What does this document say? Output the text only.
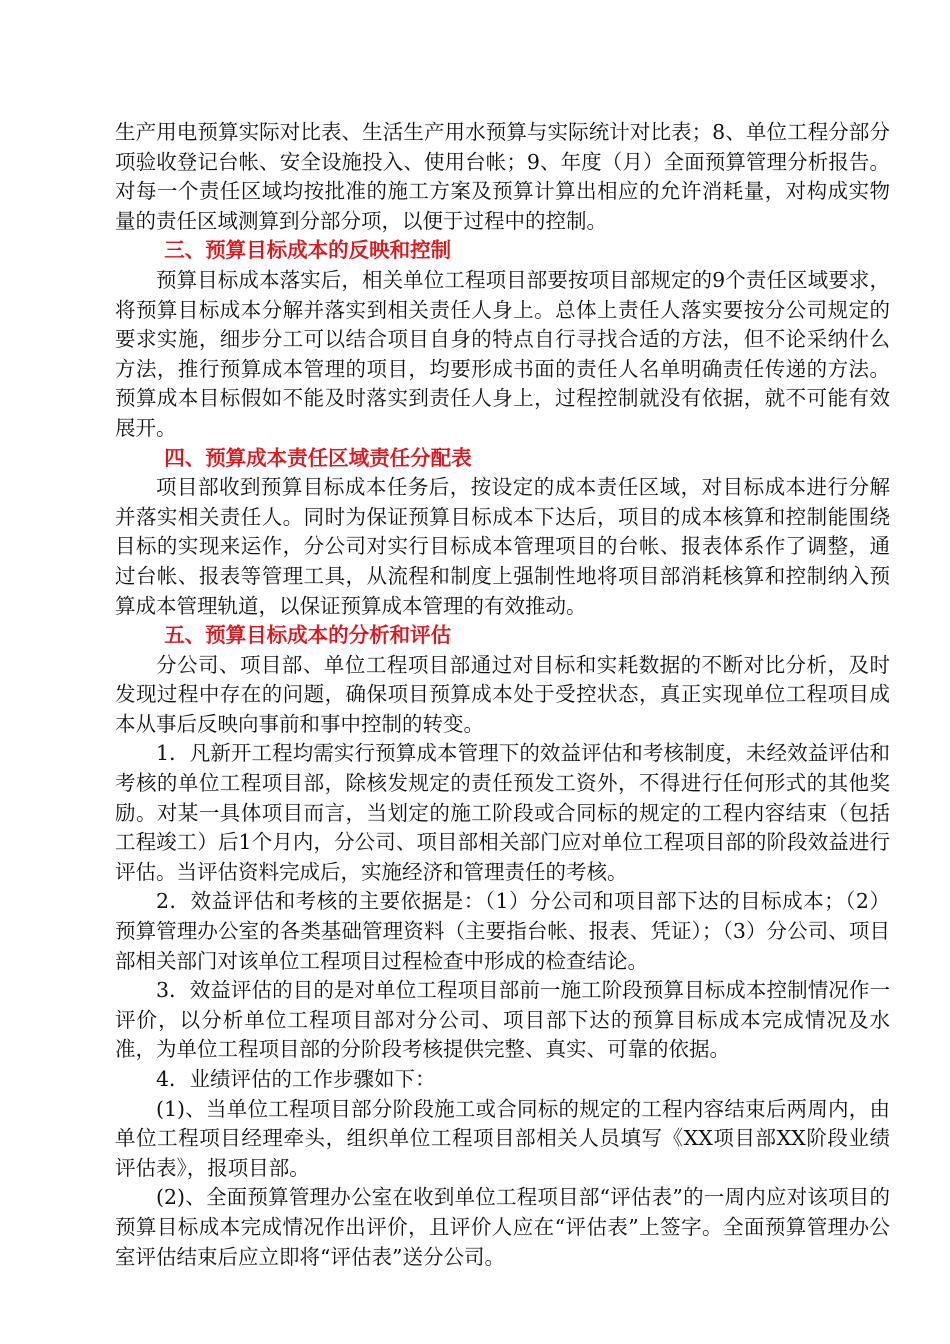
生产用电预算实际对比表、生活生产用水预算与实际统计对比表；8、单位工程分部分项验收登记台帐、安全设施投入、使用台帐；9、年度（月）全面预算管理分析报告。对每一个责任区域均按批准的施工方案及预算计算出相应的允许消耗量，对构成实物量的责任区域测算到分部分项，以便于过程中的控制。

三、预算目标成本的反映和控制

预算目标成本落实后，相关单位工程项目部要按项目部规定的9个责任区域要求，将预算目标成本分解并落实到相关责任人身上。总体上责任人落实要按分公司规定的要求实施，细步分工可以结合项目自身的特点自行寻找合适的方法，但不论采纳什么方法，推行预算成本管理的项目，均要形成书面的责任人名单明确责任传递的方法。预算成本目标假如不能及时落实到责任人身上，过程控制就没有依据，就不可能有效展开。

四、预算成本责任区域责任分配表

项目部收到预算目标成本任务后，按设定的成本责任区域，对目标成本进行分解并落实相关责任人。同时为保证预算目标成本下达后，项目的成本核算和控制能围绕目标的实现来运作，分公司对实行目标成本管理项目的台帐、报表体系作了调整，通过台帐、报表等管理工具，从流程和制度上强制性地将项目部消耗核算和控制纳入预算成本管理轨道，以保证预算成本管理的有效推动。

五、预算目标成本的分析和评估

分公司、项目部、单位工程项目部通过对目标和实耗数据的不断对比分析，及时发现过程中存在的问题，确保项目预算成本处于受控状态，真正实现单位工程项目成本从事后反映向事前和事中控制的转变。

1．凡新开工程均需实行预算成本管理下的效益评估和考核制度，未经效益评估和考核的单位工程项目部，除核发规定的责任预发工资外，不得进行任何形式的其他奖励。对某一具体项目而言，当划定的施工阶段或合同标的规定的工程内容结束（包括工程竣工）后1个月内，分公司、项目部相关部门应对单位工程项目部的阶段效益进行评估。当评估资料完成后，实施经济和管理责任的考核。

2．效益评估和考核的主要依据是：（1）分公司和项目部下达的目标成本；（2）预算管理办公室的各类基础管理资料（主要指台帐、报表、凭证）；（3）分公司、项目部相关部门对该单位工程项目过程检查中形成的检查结论。

3．效益评估的目的是对单位工程项目部前一施工阶段预算目标成本控制情况作一评价，以分析单位工程项目部对分公司、项目部下达的预算目标成本完成情况及水准，为单位工程项目部的分阶段考核提供完整、真实、可靠的依据。

4．业绩评估的工作步骤如下：

(1)、当单位工程项目部分阶段施工或合同标的规定的工程内容结束后两周内，由单位工程项目经理牵头，组织单位工程项目部相关人员填写《XX项目部XX阶段业绩评估表》，报项目部。

(2)、全面预算管理办公室在收到单位工程项目部“评估表”的一周内应对该项目的预算目标成本完成情况作出评价，且评价人应在“评估表”上签字。全面预算管理办公室评估结束后应立即将“评估表”送分公司。
